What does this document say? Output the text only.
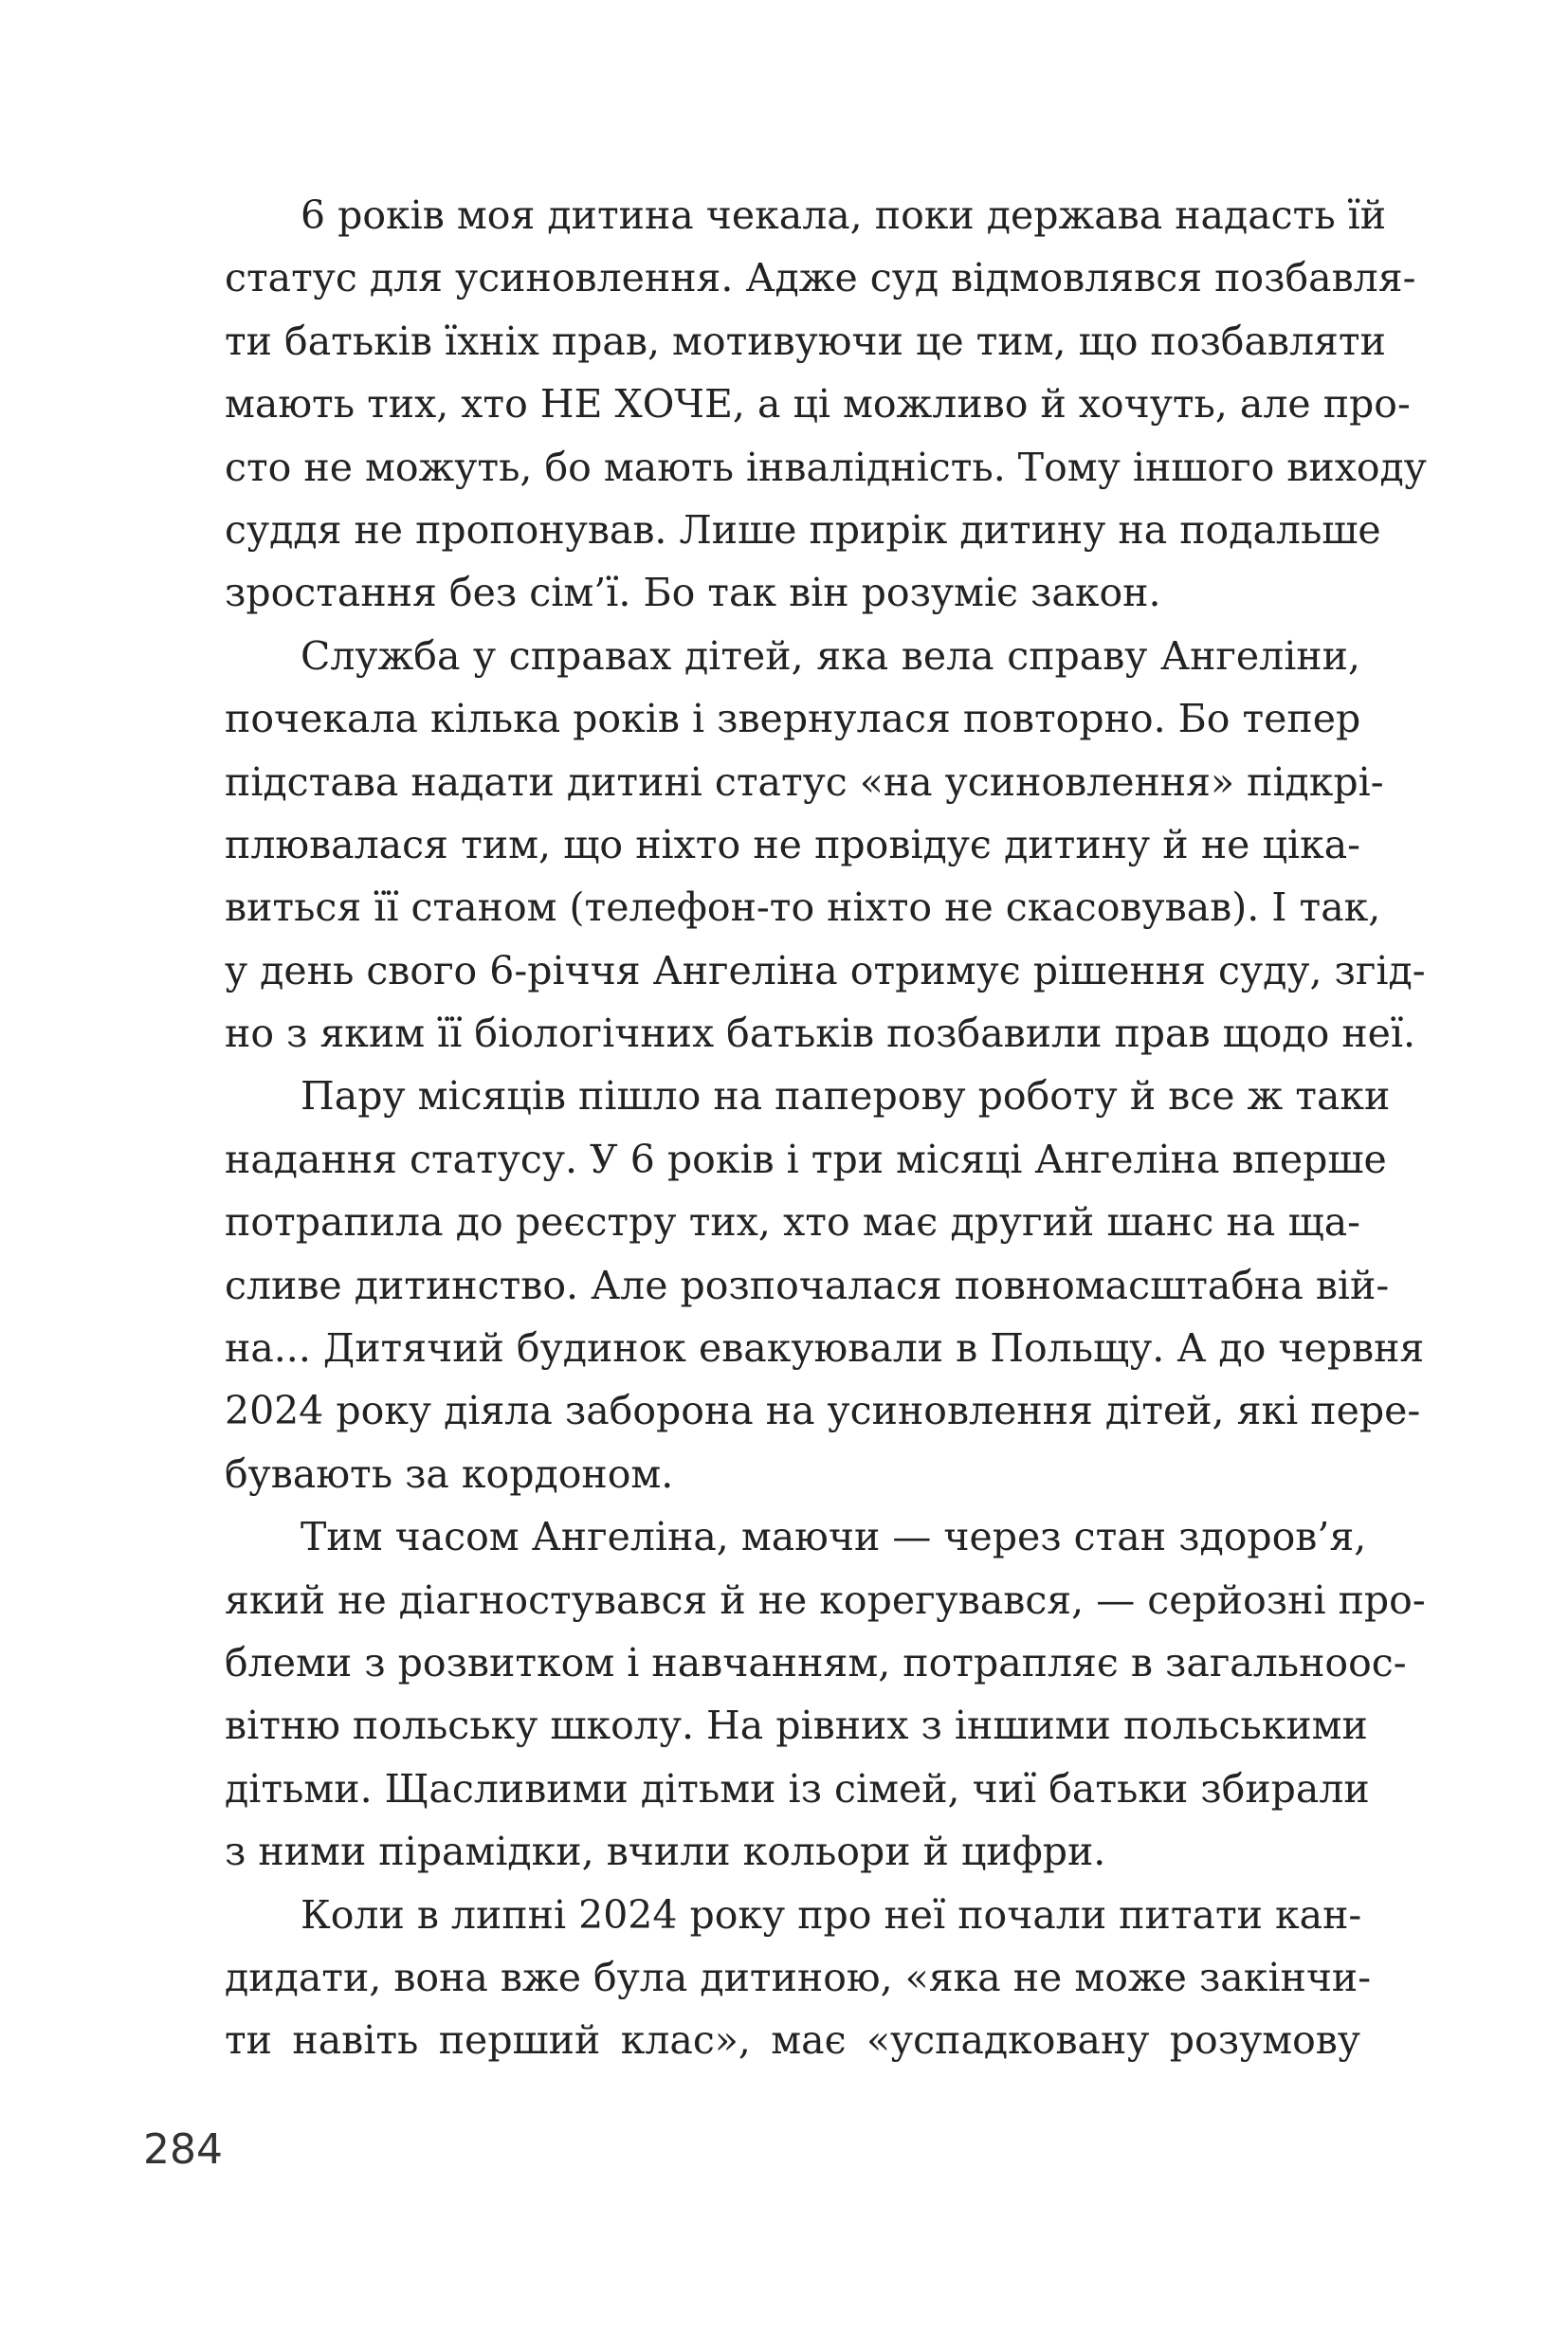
6 років моя дитина чекала, поки держава надасть їй
статус для усиновлення. Адже суд відмовлявся позбавля-
ти батьків їхніх прав, мотивуючи це тим, що позбавляти
мають тих, хто НЕ ХОЧЕ, а ці можливо й хочуть, але про-
сто не можуть, бо мають інвалідність. Тому іншого виходу
суддя не пропонував. Лише прирік дитину на подальше
зростання без сім’ї. Бо так він розуміє закон.
Служба у справах дітей, яка вела справу Ангеліни,
почекала кілька років і звернулася повторно. Бо тепер
підстава надати дитині статус «на усиновлення» підкрі-
плювалася тим, що ніхто не провідує дитину й не ціка-
виться її станом (телефон-то ніхто не скасовував). І так,
у день свого 6-річчя Ангеліна отримує рішення суду, згід-
но з яким її біологічних батьків позбавили прав щодо неї.
Пару місяців пішло на паперову роботу й все ж таки
надання статусу. У 6 років і три місяці Ангеліна вперше
потрапила до реєстру тих, хто має другий шанс на ща-
сливе дитинство. Але розпочалася повномасштабна вій-
на... Дитячий будинок евакуювали в Польщу. А до червня
2024 року діяла заборона на усиновлення дітей, які пере-
бувають за кордоном.
Тим часом Ангеліна, маючи — через стан здоров’я,
який не діагностувався й не корегувався, — серйозні про-
блеми з розвитком і навчанням, потрапляє в загальноос-
вітню польську школу. На рівних з іншими польськими
дітьми. Щасливими дітьми із сімей, чиї батьки збирали
з ними пірамідки, вчили кольори й цифри.
Коли в липні 2024 року про неї почали питати кан-
дидати, вона вже була дитиною, «яка не може закінчи-
ти навіть перший клас», має «успадковану розумову
284
